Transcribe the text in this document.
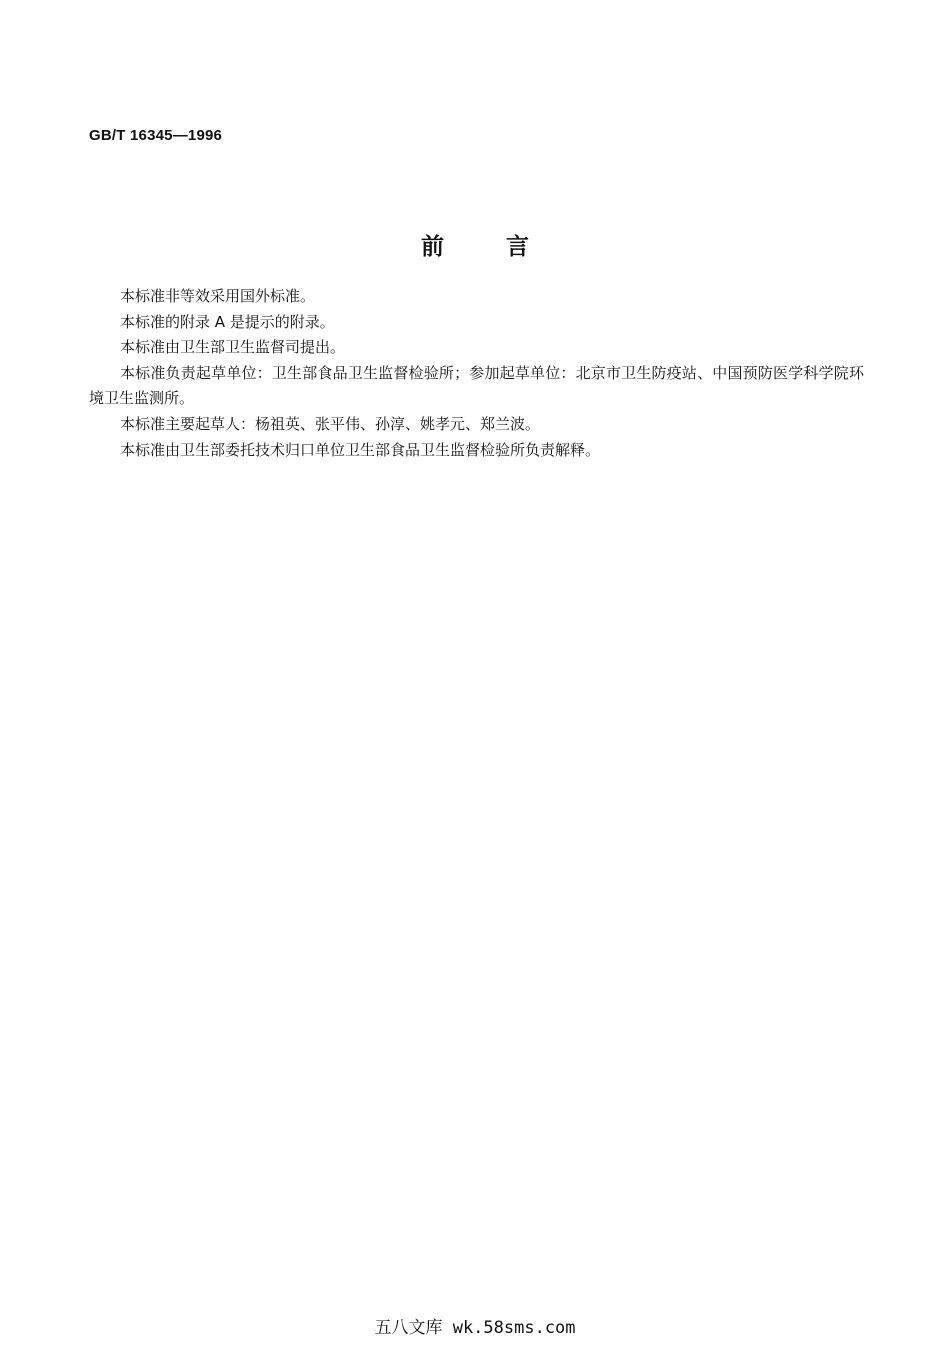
GB/T 16345—1996
前言

本标准非等效采用国外标准。

本标准的附录 A 是提示的附录。

本标准由卫生部卫生监督司提出。

本标准负责起草单位：卫生部食品卫生监督检验所；参加起草单位：北京市卫生防疫站、中国预防医学科学院环境卫生监测所。

本标准主要起草人：杨祖英、张平伟、孙淳、姚孝元、郑兰波。

本标准由卫生部委托技术归口单位卫生部食品卫生监督检验所负责解释。

五八文库 wk.58sms.com
